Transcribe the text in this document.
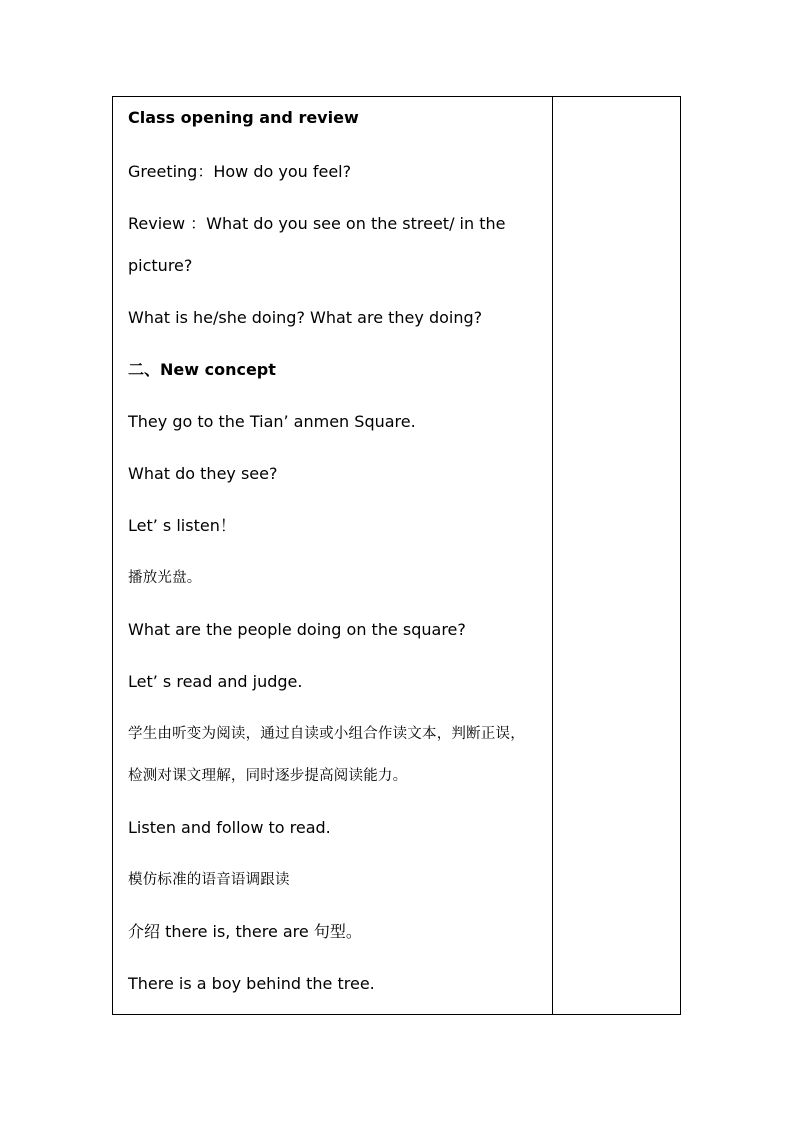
Class opening and review
Greeting：How do you feel?
Review ：What do you see on the street/ in the
picture?
What is he/she doing? What are they doing?
二、New concept
They go to the Tian’ anmen Square.
What do they see?
Let’ s listen！
播放光盘。
What are the people doing on the square?
Let’ s read and judge.
学生由听变为阅读，通过自读或小组合作读文本，判断正误，
检测对课文理解，同时逐步提高阅读能力。
Listen and follow to read.
模仿标准的语音语调跟读
介绍 there is, there are 句型。
There is a boy behind the tree.
